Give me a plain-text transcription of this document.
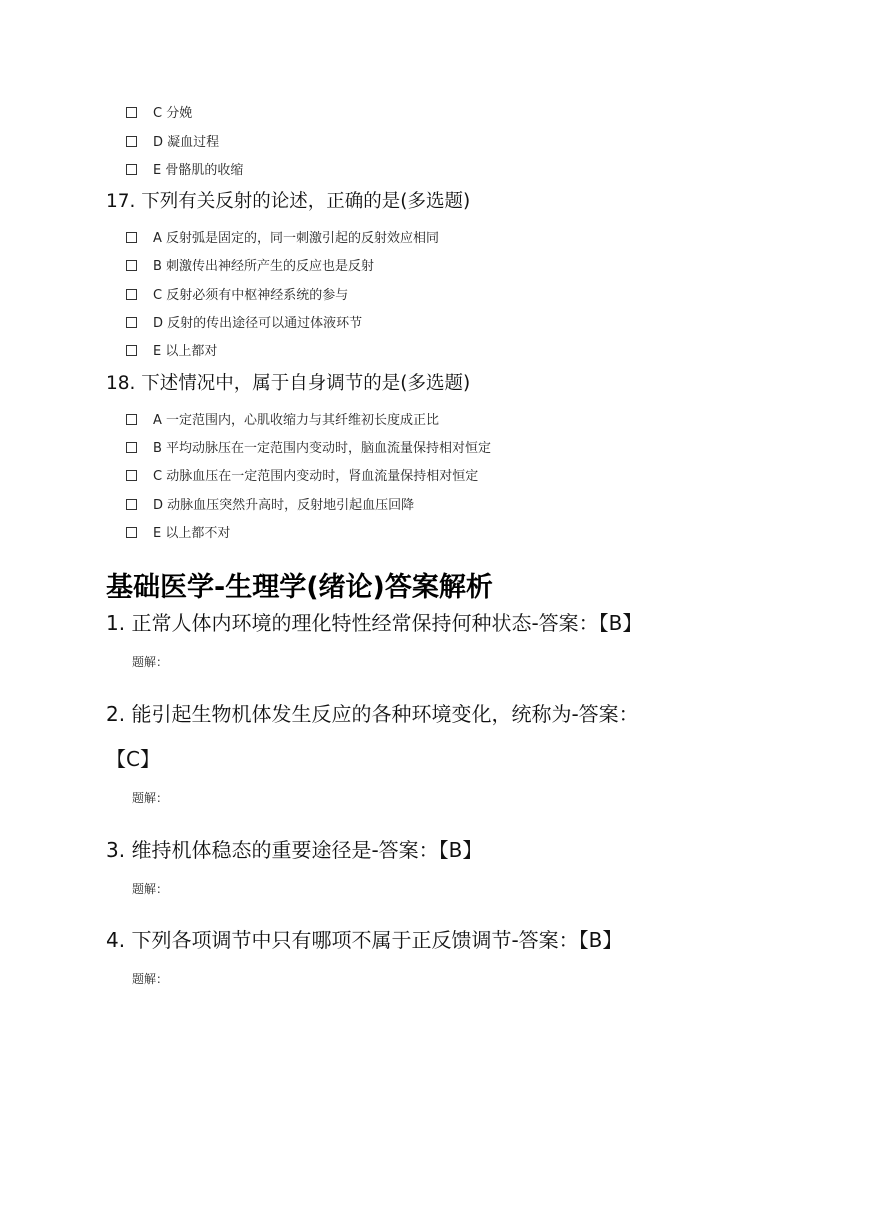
C 分娩
D 凝血过程
E 骨骼肌的收缩
17. 下列有关反射的论述，正确的是(多选题)
A 反射弧是固定的，同一刺激引起的反射效应相同
B 刺激传出神经所产生的反应也是反射
C 反射必须有中枢神经系统的参与
D 反射的传出途径可以通过体液环节
E 以上都对
18. 下述情况中，属于自身调节的是(多选题)
A 一定范围内，心肌收缩力与其纤维初长度成正比
B 平均动脉压在一定范围内变动时，脑血流量保持相对恒定
C 动脉血压在一定范围内变动时，肾血流量保持相对恒定
D 动脉血压突然升高时，反射地引起血压回降
E 以上都不对
基础医学-生理学(绪论)答案解析
1. 正常人体内环境的理化特性经常保持何种状态-答案：【B】
题解：
2. 能引起生物机体发生反应的各种环境变化，统称为-答案：
【C】
题解：
3. 维持机体稳态的重要途径是-答案：【B】
题解：
4. 下列各项调节中只有哪项不属于正反馈调节-答案：【B】
题解：
